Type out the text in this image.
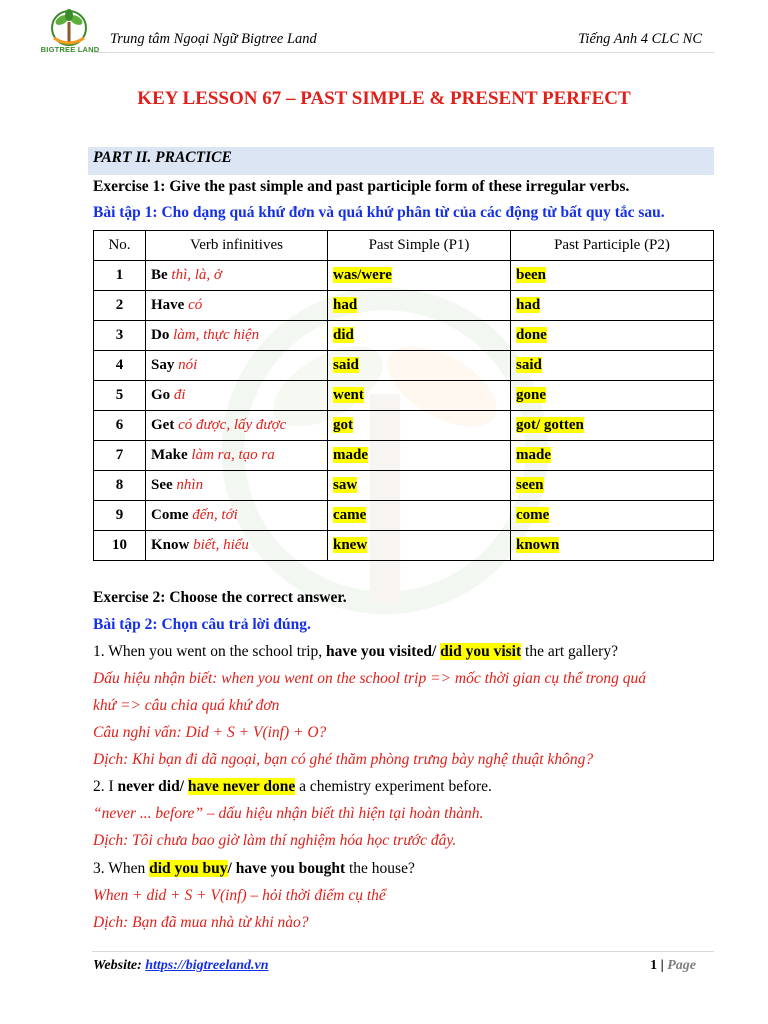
BIGTREE LAND
Trung tâm Ngoại Ngữ Bigtree Land	Tiếng Anh 4 CLC NC
KEY LESSON 67 – PAST SIMPLE & PRESENT PERFECT
PART II. PRACTICE
Exercise 1: Give the past simple and past participle form of these irregular verbs.
Bài tập 1: Cho dạng quá khứ đơn và quá khứ phân từ của các động từ bất quy tắc sau.
No.	Verb infinitives	Past Simple (P1)	Past Participle (P2)
1	Be thì, là, ở	was/were	been
2	Have có	had	had
3	Do làm, thực hiện	did	done
4	Say nói	said	said
5	Go đi	went	gone
6	Get có được, lấy được	got	got/ gotten
7	Make làm ra, tạo ra	made	made
8	See nhìn	saw	seen
9	Come đến, tới	came	come
10	Know biết, hiểu	knew	known
Exercise 2: Choose the correct answer.
Bài tập 2: Chọn câu trả lời đúng.
1. When you went on the school trip, have you visited/ did you visit the art gallery?
Dấu hiệu nhận biết: when you went on the school trip => mốc thời gian cụ thể trong quá
khứ => câu chia quá khứ đơn
Câu nghi vấn: Did + S + V(inf) + O?
Dịch: Khi bạn đi dã ngoại, bạn có ghé thăm phòng trưng bày nghệ thuật không?
2. I never did/ have never done a chemistry experiment before.
“never ... before” – dấu hiệu nhận biết thì hiện tại hoàn thành.
Dịch: Tôi chưa bao giờ làm thí nghiệm hóa học trước đây.
3. When did you buy/ have you bought the house?
When + did + S + V(inf) – hỏi thời điểm cụ thể
Dịch: Bạn đã mua nhà từ khi nào?
Website: https://bigtreeland.vn	1 | Page
